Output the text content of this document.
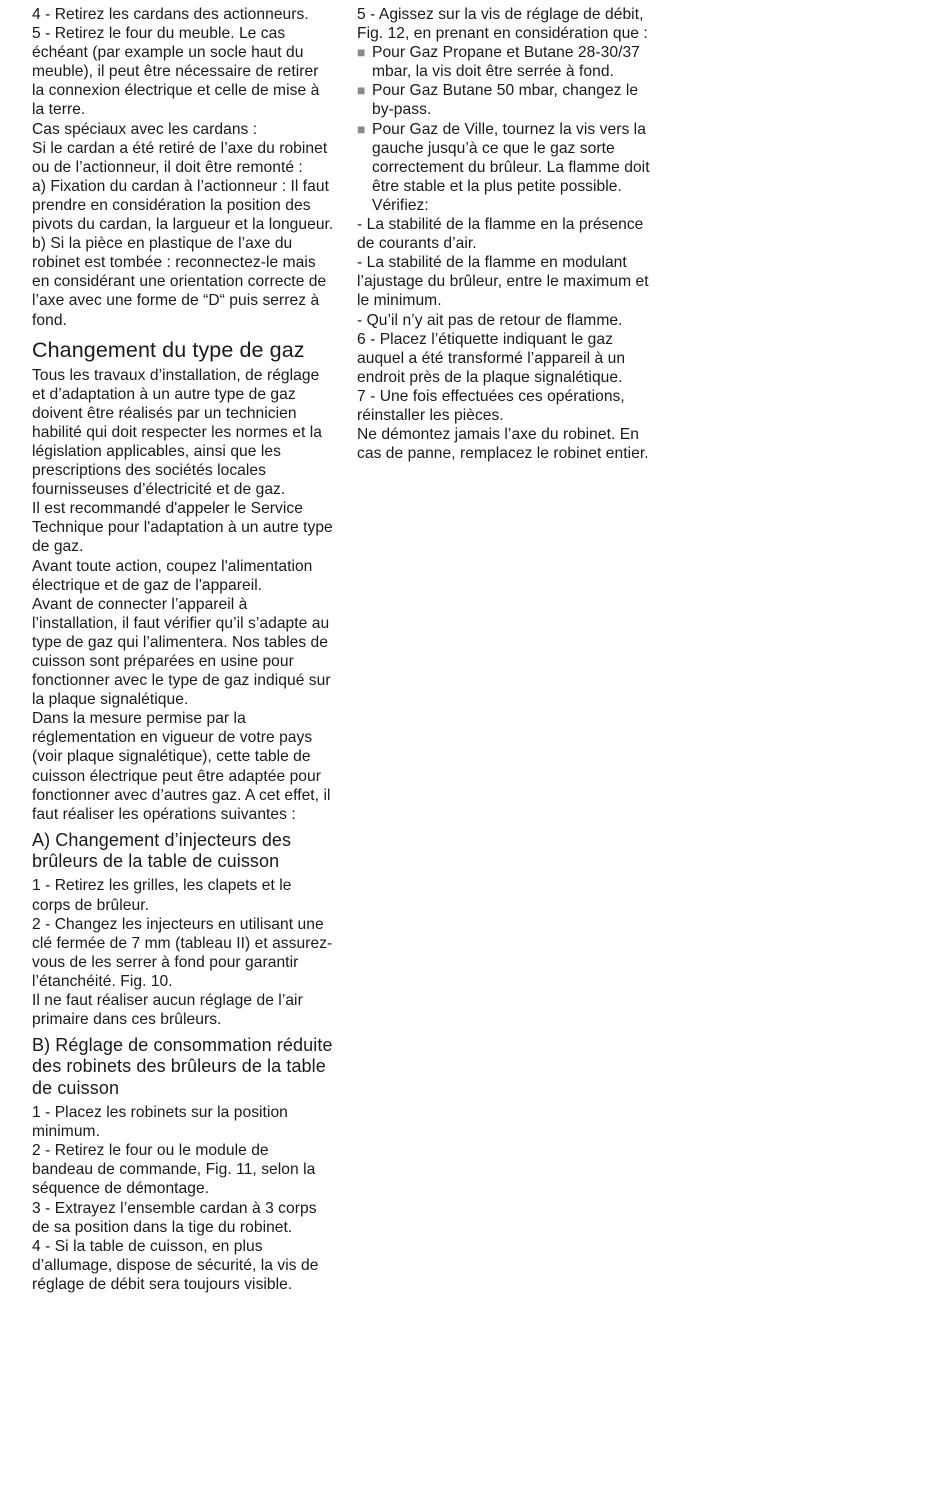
4 - Retirez les cardans des actionneurs.

5 - Retirez le four du meuble. Le cas échéant (par example un socle haut du meuble), il peut être nécessaire de retirer la connexion électrique et celle de mise à la terre.

Cas spéciaux avec les cardans :

Si le cardan a été retiré de l’axe du robinet ou de l’actionneur, il doit être remonté :

a) Fixation du cardan à l’actionneur : Il faut prendre en considération la position des pivots du cardan, la largueur et la longueur.

b) Si la pièce en plastique de l’axe du robinet est tombée : reconnectez-le mais en considérant une orientation correcte de l’axe avec une forme de “D“ puis serrez à fond.

Changement du type de gaz

Tous les travaux d’installation, de réglage et d’adaptation à un autre type de gaz doivent être réalisés par un technicien habilité qui doit respecter les normes et la législation applicables, ainsi que les prescriptions des sociétés locales fournisseuses d’électricité et de gaz.

Il est recommandé d'appeler le Service Technique pour l'adaptation à un autre type de gaz.

Avant toute action, coupez l'alimentation électrique et de gaz de l'appareil.

Avant de connecter l’appareil à l’installation, il faut vérifier qu’il s’adapte au type de gaz qui l’alimentera. Nos tables de cuisson sont préparées en usine pour fonctionner avec le type de gaz indiqué sur la plaque signalétique.

Dans la mesure permise par la réglementation en vigueur de votre pays (voir plaque signalétique), cette table de cuisson électrique peut être adaptée pour fonctionner avec d’autres gaz. A cet effet, il faut réaliser les opérations suivantes :

A) Changement d’injecteurs des brûleurs de la table de cuisson

1 - Retirez les grilles, les clapets et le corps de brûleur.

2 - Changez les injecteurs en utilisant une clé fermée de 7 mm (tableau II) et assurez-vous de les serrer à fond pour garantir l’étanchéité. Fig. 10.

Il ne faut réaliser aucun réglage de l’air primaire dans ces brûleurs.

B) Réglage de consommation réduite des robinets des brûleurs de la table de cuisson

1 - Placez les robinets sur la position minimum.

2 - Retirez le four ou le module de bandeau de commande, Fig. 11, selon la séquence de démontage.

3 - Extrayez l’ensemble cardan à 3 corps de sa position dans la tige du robinet.

4 - Si la table de cuisson, en plus d’allumage, dispose de sécurité, la vis de réglage de débit sera toujours visible.

5 - Agissez sur la vis de réglage de débit, Fig. 12, en prenant en considération que :

■ Pour Gaz Propane et Butane 28-30/37 mbar, la vis doit être serrée à fond.

■ Pour Gaz Butane 50 mbar, changez le by-pass.

■ Pour Gaz de Ville, tournez la vis vers la gauche jusqu’à ce que le gaz sorte correctement du brûleur. La flamme doit être stable et la plus petite possible. Vérifiez:

- La stabilité de la flamme en la présence de courants d’air.

- La stabilité de la flamme en modulant l’ajustage du brûleur, entre le maximum et le minimum.

- Qu’il n’y ait pas de retour de flamme.

6 - Placez l’étiquette indiquant le gaz auquel a été transformé l’appareil à un endroit près de la plaque signalétique.

7 - Une fois effectuées ces opérations, réinstaller les pièces.

Ne démontez jamais l’axe du robinet. En cas de panne, remplacez le robinet entier.
